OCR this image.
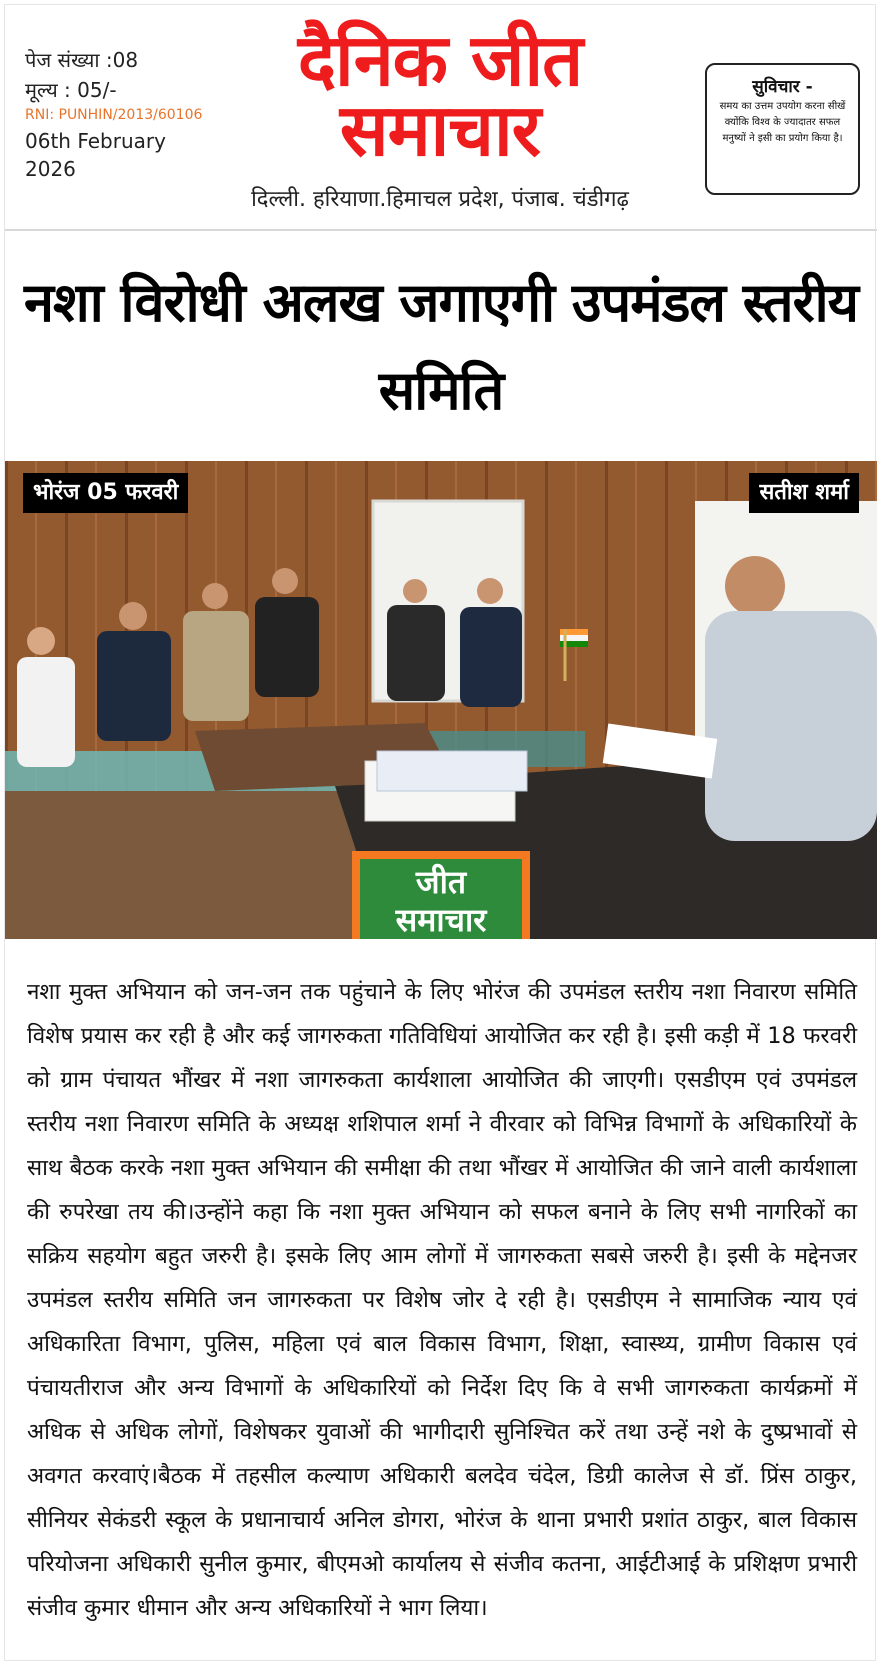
पेज संख्या :08
मूल्य : 05/-
RNI: PUNHIN/2013/60106
06th February 2026
दैनिक जीत
समाचार
दिल्ली. हरियाणा.हिमाचल प्रदेश, पंजाब. चंडीगढ़
सुविचार -
समय का उत्तम उपयोग करना सीखें क्योंकि विश्व के ज्यादातर सफल मनुष्यों ने इसी का प्रयोग किया है।
नशा विरोधी अलख जगाएगी उपमंडल स्तरीय समिति
भोरंज 05 फरवरी	सतीश शर्मा
जीत
समाचार
नशा मुक्त अभियान को जन-जन तक पहुंचाने के लिए भोरंज की उपमंडल स्तरीय नशा निवारण समिति विशेष प्रयास कर रही है और कई जागरुकता गतिविधियां आयोजित कर रही है। इसी कड़ी में 18 फरवरी को ग्राम पंचायत भौंखर में नशा जागरुकता कार्यशाला आयोजित की जाएगी। एसडीएम एवं उपमंडल स्तरीय नशा निवारण समिति के अध्यक्ष शशिपाल शर्मा ने वीरवार को विभिन्न विभागों के अधिकारियों के साथ बैठक करके नशा मुक्त अभियान की समीक्षा की तथा भौंखर में आयोजित की जाने वाली कार्यशाला की रुपरेखा तय की।उन्होंने कहा कि नशा मुक्त अभियान को सफल बनाने के लिए सभी नागरिकों का सक्रिय सहयोग बहुत जरुरी है। इसके लिए आम लोगों में जागरुकता सबसे जरुरी है। इसी के मद्देनजर उपमंडल स्तरीय समिति जन जागरुकता पर विशेष जोर दे रही है। एसडीएम ने सामाजिक न्याय एवं अधिकारिता विभाग, पुलिस, महिला एवं बाल विकास विभाग, शिक्षा, स्वास्थ्य, ग्रामीण विकास एवं पंचायतीराज और अन्य विभागों के अधिकारियों को निर्देश दिए कि वे सभी जागरुकता कार्यक्रमों में अधिक से अधिक लोगों, विशेषकर युवाओं की भागीदारी सुनिश्चित करें तथा उन्हें नशे के दुष्प्रभावों से अवगत करवाएं।बैठक में तहसील कल्याण अधिकारी बलदेव चंदेल, डिग्री कालेज से डॉ. प्रिंस ठाकुर, सीनियर सेकंडरी स्कूल के प्रधानाचार्य अनिल डोगरा, भोरंज के थाना प्रभारी प्रशांत ठाकुर, बाल विकास परियोजना अधिकारी सुनील कुमार, बीएमओ कार्यालय से संजीव कतना, आईटीआई के प्रशिक्षण प्रभारी संजीव कुमार धीमान और अन्य अधिकारियों ने भाग लिया।
